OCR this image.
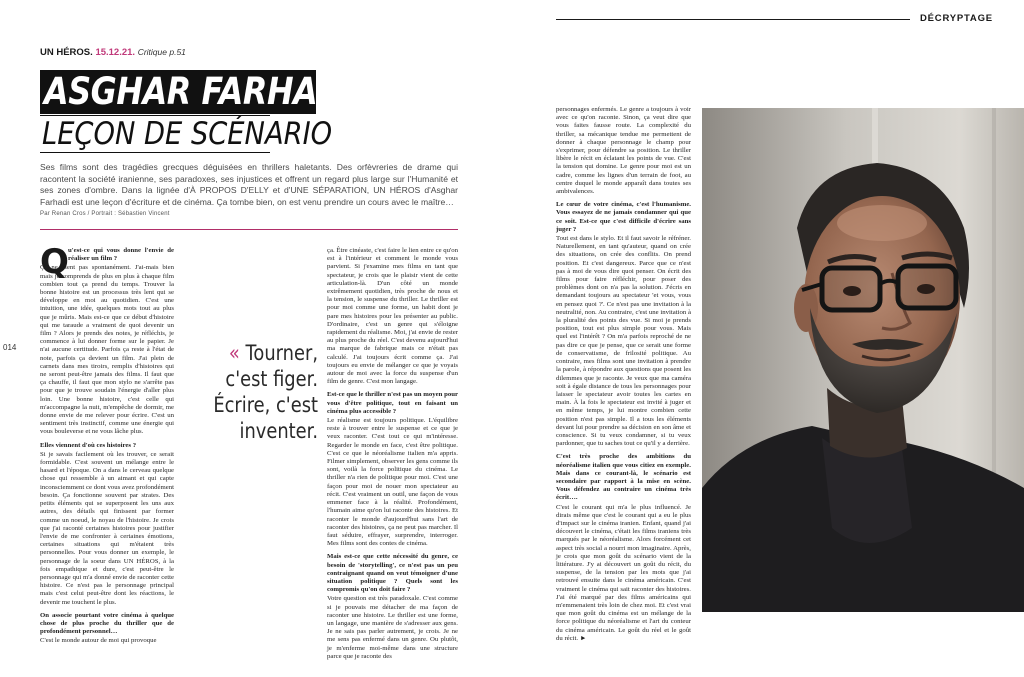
DÉCRYPTAGE
014
UN HÉROS. 15.12.21. Critique p.51
ASGHAR FARHADI
LEÇON DE SCÉNARIO
Ses films sont des tragédies grecques déguisées en thrillers haletants. Des orfèvreries de drame qui racontent la société iranienne, ses paradoxes, ses injustices et offrent un regard plus large sur l'Humanité et ses zones d'ombre. Dans la lignée d'À PROPOS D'ELLY et d'UNE SÉPARATION, UN HÉROS d'Asghar Farhadi est une leçon d'écriture et de cinéma. Ça tombe bien, on est venu prendre un cours avec le maître…
Par Renan Cros / Portrait : Sébastien Vincent
Q u'est-ce qui vous donne l'envie de réaliser un film ?

Ça ne vient pas spontanément. J'ai-mais bien mais je comprends de plus en plus à chaque film combien tout ça prend du temps. Trouver la bonne histoire est un processus très lent qui se développe en moi au quotidien. C'est une intuition, une idée, quelques mots tout au plus que je mûris. Mais est-ce que ce début d'histoire qui me taraude a vraiment de quoi devenir un film ? Alors je prends des notes, je réfléchis, je commence à lui donner forme sur le papier. Je n'ai aucune certitude. Parfois ça reste à l'état de note, parfois ça devient un film. J'ai plein de carnets dans mes tiroirs, remplis d'histoires qui ne seront peut-être jamais des films. Il faut que ça chauffe, il faut que mon stylo ne s'arrête pas pour que je trouve soudain l'énergie d'aller plus loin. Une bonne histoire, c'est celle qui m'accompagne la nuit, m'empêche de dormir, me donne envie de me relever pour écrire. C'est un sentiment très instinctif, comme une énergie qui vous bouleverse et ne vous lâche plus.

Elles viennent d'où ces histoires ?

Si je savais facilement où les trouver, ce serait formidable. C'est souvent un mélange entre le hasard et l'époque. On a dans le cerveau quelque chose qui ressemble à un aimant et qui capte inconsciemment ce dont vous avez profondément besoin. Ça fonctionne souvent par strates. Des petits éléments qui se superposent les uns aux autres, des détails qui finissent par former comme un noeud, le noyau de l'histoire. Je crois que j'ai raconté certaines histoires pour justifier l'envie de me confronter à certaines émotions, certaines situations qui m'étaient très personnelles. Pour vous donner un exemple, le personnage de la soeur dans UN HÉROS, à la fois empathique et dure, c'est peut-être le personnage qui m'a donné envie de raconter cette histoire. Ce n'est pas le personnage principal mais c'est celui peut-être dont les réactions, le devenir me touchent le plus.

On associe pourtant votre cinéma à quelque chose de plus proche du thriller que de profondément personnel…

C'est le monde autour de moi qui provoque

« Tourner, c'est figer. Écrire, c'est inventer.

ça. Être cinéaste, c'est faire le lien entre ce qu'on est à l'intérieur et comment le monde vous parvient. Si j'examine mes films en tant que spectateur, je crois que le plaisir vient de cette articulation-là. D'un côté un monde extrêmement quotidien, très proche de nous et la tension, le suspense du thriller. Le thriller est pour moi comme une forme, un habit dont je pare mes histoires pour les présenter au public. D'ordinaire, c'est un genre qui s'éloigne rapidement du réalisme. Moi, j'ai envie de rester au plus proche du réel. C'est devenu aujourd'hui ma marque de fabrique mais ce n'était pas calculé. J'ai toujours écrit comme ça. J'ai toujours eu envie de mélanger ce que je voyais autour de moi avec la force du suspense d'un film de genre. C'est mon langage.

Est-ce que le thriller n'est pas un moyen pour vous d'être politique, tout en faisant un cinéma plus accessible ?

Le réalisme est toujours politique. L'équilibre reste à trouver entre le suspense et ce que je veux raconter. C'est tout ce qui m'intéresse. Regarder le monde en face, c'est être politique. C'est ce que le néoréalisme italien m'a appris. Filmer simplement, observer les gens comme ils sont, voilà la force politique du cinéma. Le thriller n'a rien de politique pour moi. C'est une façon pour moi de nouer mon spectateur au récit. C'est vraiment un outil, une façon de vous emmener face à la réalité. Profondément, l'humain aime qu'on lui raconte des histoires. Et raconter le monde d'aujourd'hui sans l'art de raconter des histoires, ça ne peut pas marcher. Il faut séduire, effrayer, surprendre, interroger. Mes films sont des contes de cinéma.

Mais est-ce que cette nécessité du genre, ce besoin de 'storytelling', ce n'est pas un peu contraignant quand on veut témoigner d'une situation politique ? Quels sont les compromis qu'on doit faire ?

Votre question est très paradoxale. C'est comme si je pouvais me détacher de ma façon de raconter une histoire. Le thriller est une forme, un langage, une manière de s'adresser aux gens. Je ne sais pas parler autrement, je crois. Je ne me sens pas enfermé dans un genre. Ou plutôt, je m'enferme moi-même dans une structure parce que je raconte des

personnages enfermés. Le genre a toujours à voir avec ce qu'on raconte. Sinon, ça veut dire que vous faites fausse route. La complexité du thriller, sa mécanique tendue me permettent de donner à chaque personnage le champ pour s'exprimer, pour défendre sa position. Le thriller libère le récit en éclatant les points de vue. C'est la tension qui domine. Le genre pour moi est un cadre, comme les lignes d'un terrain de foot, au centre duquel le monde apparaît dans toutes ses ambivalences.

Le cœur de votre cinéma, c'est l'humanisme. Vous essayez de ne jamais condamner qui que ce soit. Est-ce que c'est difficile d'écrire sans juger ?

Tout est dans le stylo. Et il faut savoir le réfréner. Naturellement, en tant qu'auteur, quand on crée des situations, on crée des conflits. On prend position. Et c'est dangereux. Parce que ce n'est pas à moi de vous dire quoi penser. On écrit des films pour faire réfléchir, pour poser des problèmes dont on n'a pas la solution. J'écris en demandant toujours au spectateur 'et vous, vous en pensez quoi ?'. Ce n'est pas une invitation à la neutralité, non. Au contraire, c'est une invitation à la pluralité des points des vue. Si moi je prends position, tout est plus simple pour vous. Mais quel est l'intérêt ? On m'a parfois reproché de ne pas dire ce que je pense, que ce serait une forme de conservatisme, de frilosité politique. Au contraire, mes films sont une invitation à prendre la parole, à répondre aux questions que posent les dilemmes que je raconte. Je veux que ma caméra soit à égale distance de tous les personnages pour laisser le spectateur avoir toutes les cartes en main. À la fois le spectateur est invité à juger et en même temps, je lui montre combien cette position n'est pas simple. Il a tous les éléments devant lui pour prendre sa décision en son âme et conscience. Si tu veux condamner, si tu veux pardonner, que tu saches tout ce qu'il y a derrière.

C'est très proche des ambitions du néoréalisme italien que vous citiez en exemple. Mais dans ce courant-là, le scénario est secondaire par rapport à la mise en scène. Vous défendez au contraire un cinéma très écrit….

C'est le courant qui m'a le plus influencé. Je dirais même que c'est le courant qui a eu le plus d'impact sur le cinéma iranien. Enfant, quand j'ai découvert le cinéma, c'était les films iraniens très marqués par le néoréalisme. Alors forcément cet aspect très social a nourri mon imaginaire. Après, je crois que mon goût du scénario vient de la littérature. J'y ai découvert un goût du récit, du suspense, de la tension par les mots que j'ai retrouvé ensuite dans le cinéma américain. C'est vraiment le cinéma qui sait raconter des histoires. J'ai été marqué par des films américains qui m'emmenaient très loin de chez moi. Et c'est vrai que mon goût du cinéma est un mélange de la force politique du néoréalisme et l'art du conteur du cinéma américain. Le goût du réel et le goût du récit. ►
